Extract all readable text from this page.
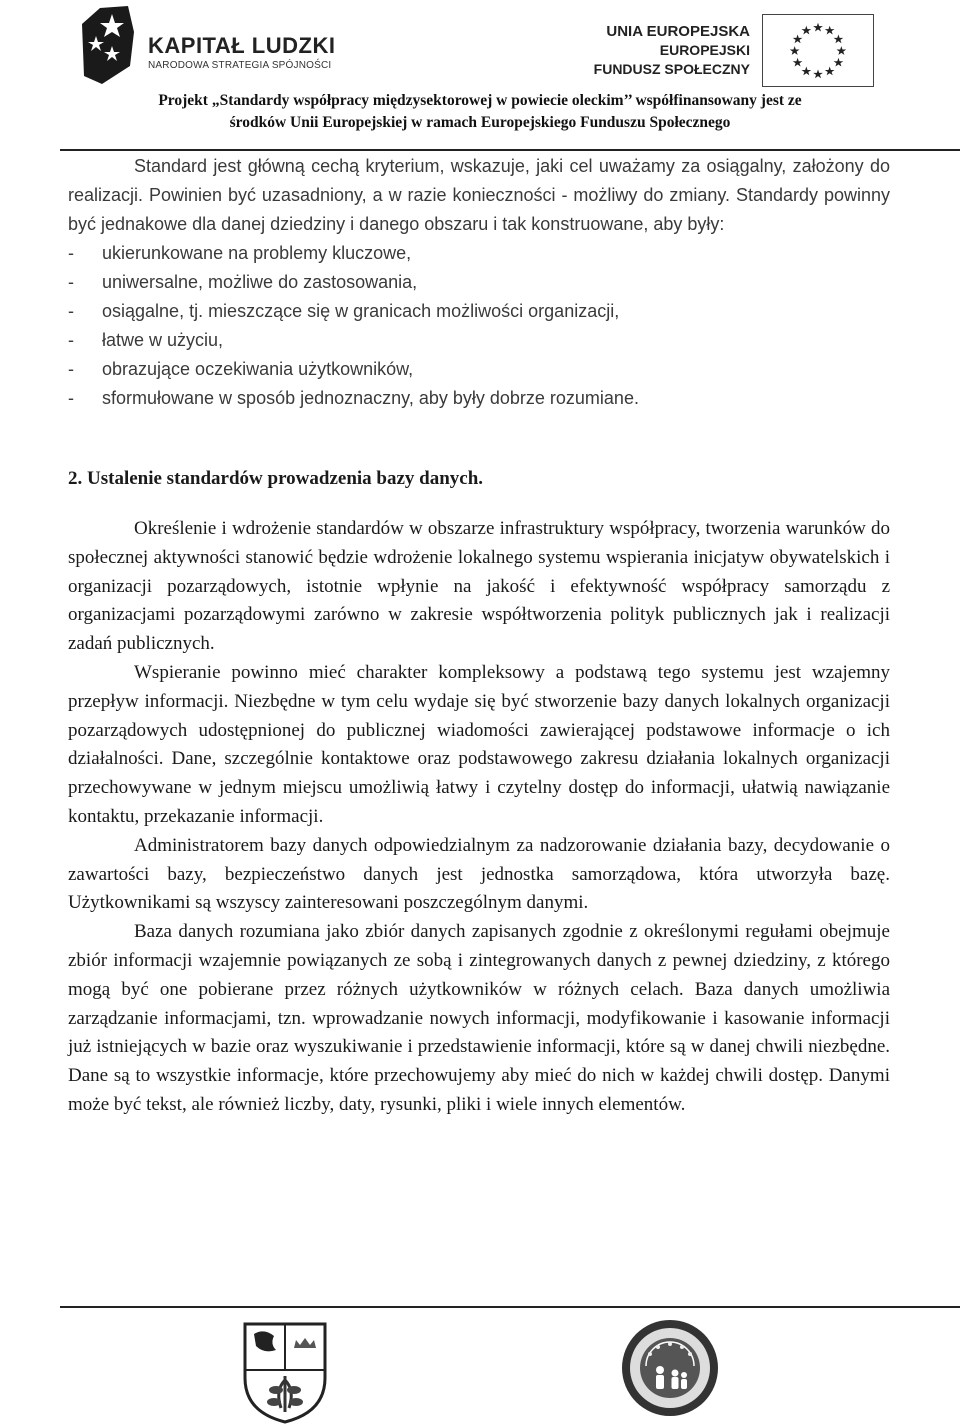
KAPITAŁ LUDZKI
NARODOWA STRATEGIA SPÓJNOŚCI
UNIA EUROPEJSKA
EUROPEJSKI
FUNDUSZ SPOŁECZNY
Projekt „Standardy współpracy międzysektorowej w powiecie oleckim’’ współfinansowany jest ze
środków Unii Europejskiej w ramach Europejskiego Funduszu Społecznego

Standard jest główną cechą kryterium, wskazuje, jaki cel uważamy za osiągalny, założony do realizacji. Powinien być uzasadniony, a w razie konieczności - możliwy do zmiany. Standardy powinny być jednakowe dla danej dziedziny i danego obszaru i tak konstruowane, aby były:

- ukierunkowane na problemy kluczowe,
- uniwersalne, możliwe do zastosowania,
- osiągalne, tj. mieszczące się w granicach możliwości organizacji,
- łatwe w użyciu,
- obrazujące oczekiwania użytkowników,
- sformułowane w sposób jednoznaczny, aby były dobrze rozumiane.
2. Ustalenie standardów prowadzenia bazy danych.

Określenie i wdrożenie standardów w obszarze infrastruktury współpracy, tworzenia warunków do społecznej aktywności stanowić będzie wdrożenie lokalnego systemu wspierania inicjatyw obywatelskich i organizacji pozarządowych, istotnie wpłynie na jakość i efektywność współpracy samorządu z organizacjami pozarządowymi zarówno w zakresie współtworzenia polityk publicznych jak i realizacji zadań publicznych.

Wspieranie powinno mieć charakter kompleksowy a podstawą tego systemu jest wzajemny przepływ informacji. Niezbędne w tym celu wydaje się być stworzenie bazy danych lokalnych organizacji pozarządowych udostępnionej do publicznej wiadomości zawierającej podstawowe informacje o ich działalności. Dane, szczególnie kontaktowe oraz podstawowego zakresu działania lokalnych organizacji przechowywane w jednym miejscu umożliwią łatwy i czytelny dostęp do informacji, ułatwią nawiązanie kontaktu, przekazanie informacji.

Administratorem bazy danych odpowiedzialnym za nadzorowanie działania bazy, decydowanie o zawartości bazy, bezpieczeństwo danych jest jednostka samorządowa, która utworzyła bazę. Użytkownikami są wszyscy zainteresowani poszczególnym danymi.

Baza danych rozumiana jako zbiór danych zapisanych zgodnie z określonymi regułami obejmuje zbiór informacji wzajemnie powiązanych ze sobą i zintegrowanych danych z pewnej dziedziny, z którego mogą być one pobierane przez różnych użytkowników w różnych celach. Baza danych umożliwia zarządzanie informacjami, tzn. wprowadzanie nowych informacji, modyfikowanie i kasowanie informacji już istniejących w bazie oraz wyszukiwanie i przedstawienie informacji, które są w danej chwili niezbędne. Dane są to wszystkie informacje, które przechowujemy aby mieć do nich w każdej chwili dostęp. Danymi może być tekst, ale również liczby, daty, rysunki, pliki i wiele innych elementów.
